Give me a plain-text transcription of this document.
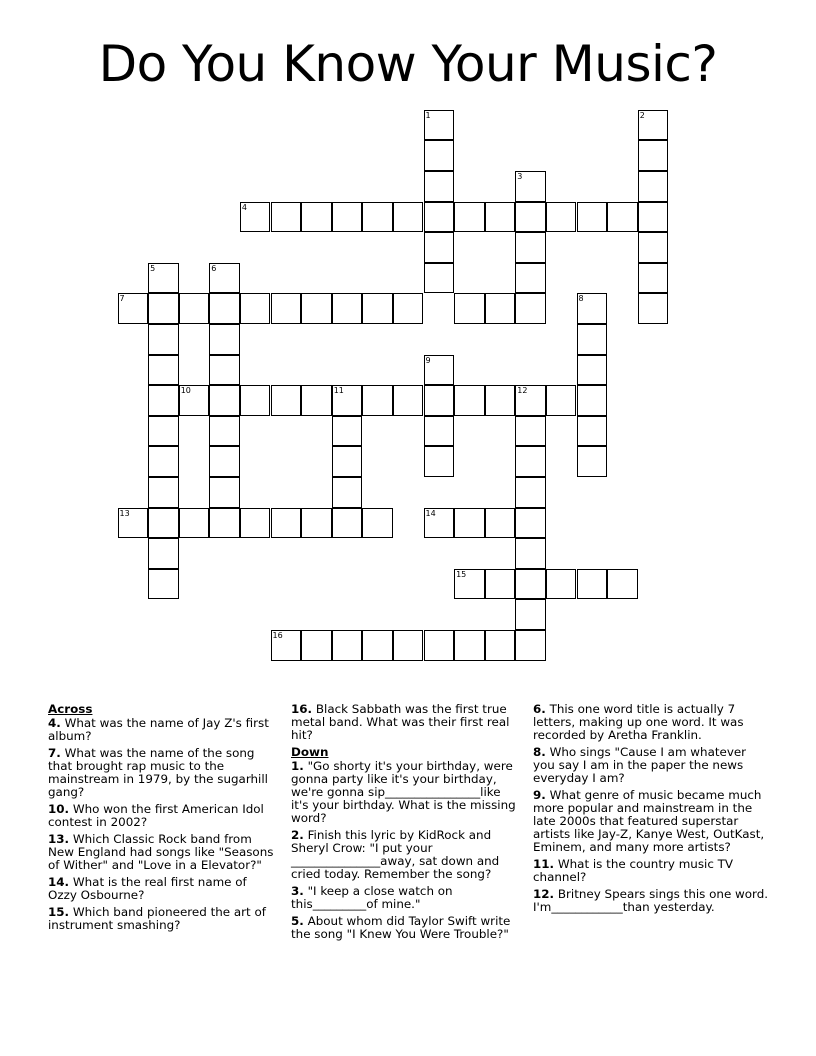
Do You Know Your Music?
1	2
3
4
5	6
7	8
9
10	11	12
13	14
15
16
Across
4. What was the name of Jay Z's first album?
7. What was the name of the song that brought rap music to the mainstream in 1979, by the sugarhill gang?
10. Who won the first American Idol contest in 2002?
13. Which Classic Rock band from New England had songs like "Seasons of Wither" and "Love in a Elevator?"
14. What is the real first name of Ozzy Osbourne?
15. Which band pioneered the art of instrument smashing?
16. Black Sabbath was the first true metal band. What was their first real hit?
Down
1. "Go shorty it's your birthday, were gonna party like it's your birthday, we're gonna sip________________like it's your birthday. What is the missing word?
2. Finish this lyric by KidRock and Sheryl Crow: "I put your _______________away, sat down and cried today. Remember the song?
3. "I keep a close watch on this_________of mine."
5. About whom did Taylor Swift write the song "I Knew You Were Trouble?"
6. This one word title is actually 7 letters, making up one word. It was recorded by Aretha Franklin.
8. Who sings "Cause I am whatever you say I am in the paper the news everyday I am?
9. What genre of music became much more popular and mainstream in the late 2000s that featured superstar artists like Jay-Z, Kanye West, OutKast, Eminem, and many more artists?
11. What is the country music TV channel?
12. Britney Spears sings this one word. I'm____________than yesterday.
